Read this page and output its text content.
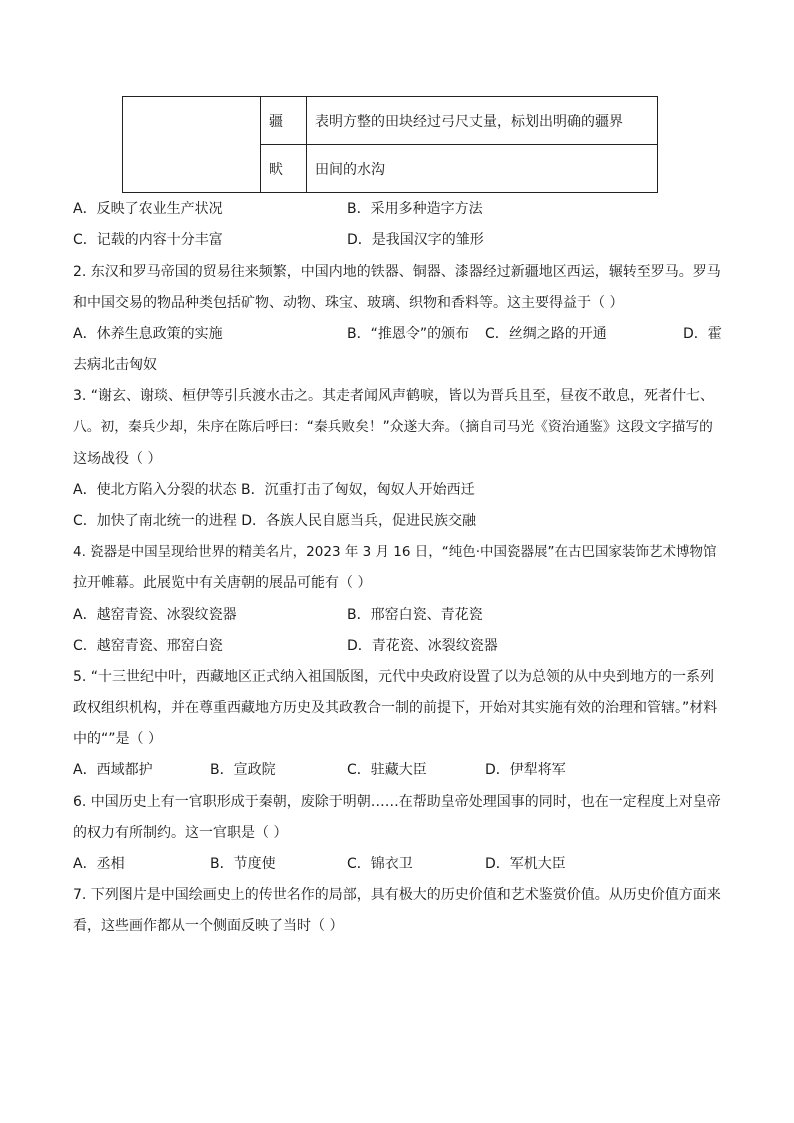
	疆	表明方整的田块经过弓尺丈量，标划出明确的疆界
	畎	田间的水沟
A．反映了农业生产状况	B．采用多种造字方法
C．记载的内容十分丰富	D．是我国汉字的雏形
2. 东汉和罗马帝国的贸易往来频繁，中国内地的铁器、铜器、漆器经过新疆地区西运，辗转至罗马。罗马
和中国交易的物品种类包括矿物、动物、珠宝、玻璃、织物和香料等。这主要得益于（ ）
A．休养生息政策的实施	B．“推恩令”的颁布 C．丝绸之路的开通	D．霍
去病北击匈奴
3. “谢玄、谢琰、桓伊等引兵渡水击之。其走者闻风声鹤唳，皆以为晋兵且至，昼夜不敢息，死者什七、
八。初，秦兵少却，朱序在陈后呼曰：“秦兵败矣！”众遂大奔。（摘自司马光《资治通鉴》这段文字描写的
这场战役（ ）
A．使北方陷入分裂的状态 B．沉重打击了匈奴，匈奴人开始西迁
C．加快了南北统一的进程 D．各族人民自愿当兵，促进民族交融
4. 瓷器是中国呈现给世界的精美名片，2023 年 3 月 16 日，“纯色·中国瓷器展”在古巴国家装饰艺术博物馆
拉开帷幕。此展览中有关唐朝的展品可能有（ ）
A．越窑青瓷、冰裂纹瓷器	B．邢窑白瓷、青花瓷
C．越窑青瓷、邢窑白瓷	D．青花瓷、冰裂纹瓷器
5. “十三世纪中叶，西藏地区正式纳入祖国版图，元代中央政府设置了以为总领的从中央到地方的一系列
政权组织机构，并在尊重西藏地方历史及其政教合一制的前提下，开始对其实施有效的治理和管辖。”材料
中的“”是（ ）
A．西域都护	B．宣政院	C．驻藏大臣	D．伊犁将军
6. 中国历史上有一官职形成于秦朝，废除于明朝……在帮助皇帝处理国事的同时，也在一定程度上对皇帝
的权力有所制约。这一官职是（ ）
A．丞相	B．节度使	C．锦衣卫	D．军机大臣
7. 下列图片是中国绘画史上的传世名作的局部，具有极大的历史价值和艺术鉴赏价值。从历史价值方面来
看，这些画作都从一个侧面反映了当时（ ）
